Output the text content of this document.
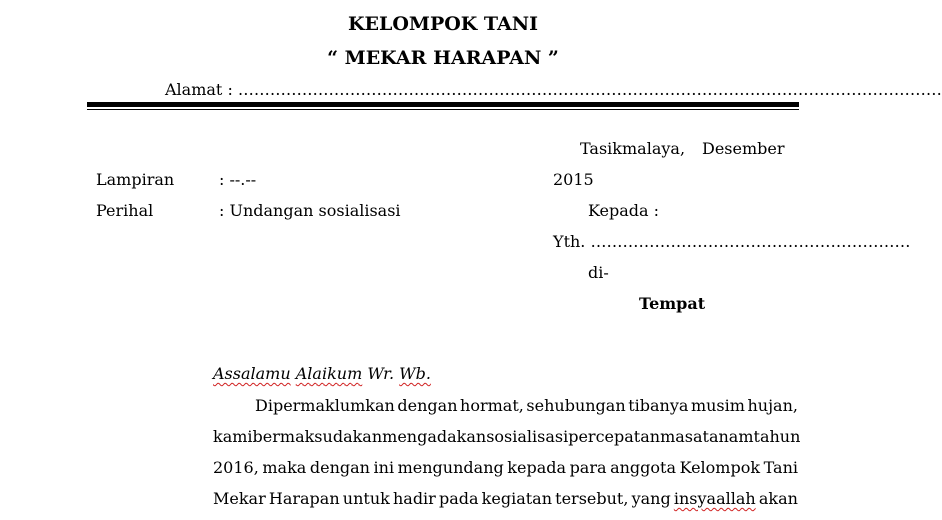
KELOMPOK TANI
“ MEKAR HARAPAN ”
Alamat : ……………………………………………………………………………………………………………………
Tasikmalaya, Desember
2015
Lampiran	: --.--
Perihal	: Undangan sosialisasi	Kepada :
Yth. ……………………………………………………
di-
Tempat
Assalamu Alaikum Wr. Wb.
Dipermaklumkan dengan hormat, sehubungan tibanya musim hujan,
kami bermaksud akan mengadakan sosialisasi percepatan masa tanam tahun
2016, maka dengan ini mengundang kepada para anggota Kelompok Tani
Mekar Harapan untuk hadir pada kegiatan tersebut, yang insyaallah akan
